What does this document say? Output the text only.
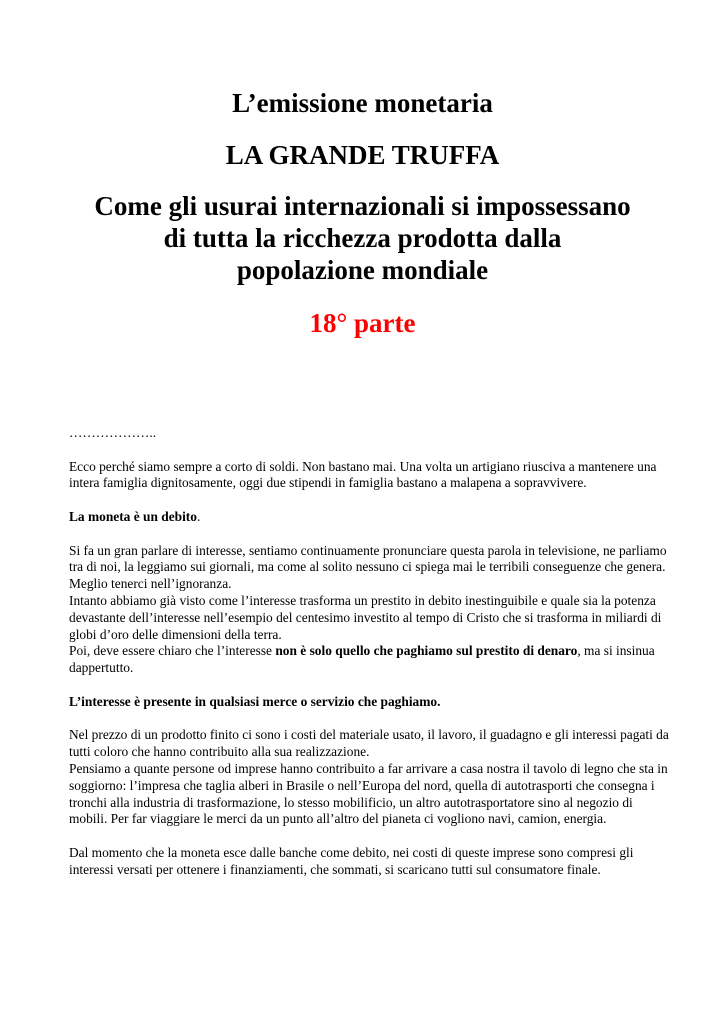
L’emissione monetaria

LA GRANDE TRUFFA

Come gli usurai internazionali si impossessano
di tutta la ricchezza prodotta dalla
popolazione mondiale

18° parte

………………..

Ecco perché siamo sempre a corto di soldi. Non bastano mai. Una volta un artigiano riusciva a mantenere una intera famiglia dignitosamente, oggi due stipendi in famiglia bastano a malapena a sopravvivere.

La moneta è un debito.

Si fa un gran parlare di interesse, sentiamo continuamente pronunciare questa parola in televisione, ne parliamo tra di noi, la leggiamo sui giornali, ma come al solito nessuno ci spiega mai le terribili conseguenze che genera. Meglio tenerci nell’ignoranza.

Intanto abbiamo già visto come l’interesse trasforma un prestito in debito inestinguibile e quale sia la potenza devastante dell’interesse nell’esempio del centesimo investito al tempo di Cristo che si trasforma in miliardi di globi d’oro delle dimensioni della terra.

Poi, deve essere chiaro che l’interesse non è solo quello che paghiamo sul prestito di denaro, ma si insinua dappertutto.

L’interesse è presente in qualsiasi merce o servizio che paghiamo.

Nel prezzo di un prodotto finito ci sono i costi del materiale usato, il lavoro, il guadagno e gli interessi pagati da tutti coloro che hanno contribuito alla sua realizzazione.

Pensiamo a quante persone od imprese hanno contribuito a far arrivare a casa nostra il tavolo di legno che sta in soggiorno: l’impresa che taglia alberi in Brasile o nell’Europa del nord, quella di autotrasporti che consegna i tronchi alla industria di trasformazione, lo stesso mobilificio, un altro autotrasportatore sino al negozio di mobili. Per far viaggiare le merci da un punto all’altro del pianeta ci vogliono navi, camion, energia.

Dal momento che la moneta esce dalle banche come debito, nei costi di queste imprese sono compresi gli interessi versati per ottenere i finanziamenti, che sommati, si scaricano tutti sul consumatore finale.
